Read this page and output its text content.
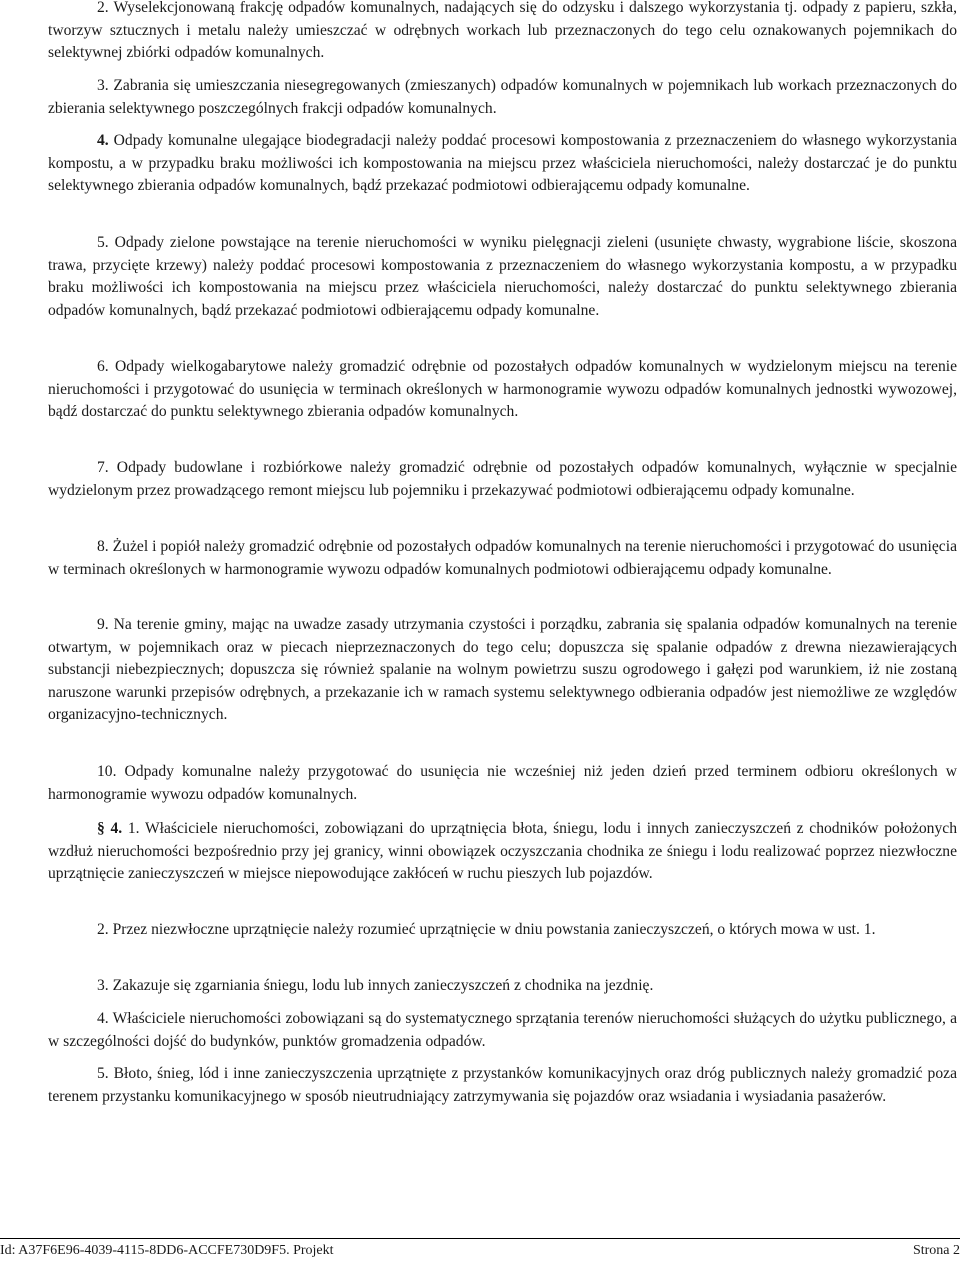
2. Wyselekcjonowaną frakcję odpadów komunalnych, nadających się do odzysku i dalszego wykorzystania tj. odpady z papieru, szkła, tworzyw sztucznych i metalu należy umieszczać w odrębnych workach lub przeznaczonych do tego celu oznakowanych pojemnikach do selektywnej zbiórki odpadów komunalnych.

3. Zabrania się umieszczania niesegregowanych (zmieszanych) odpadów komunalnych w pojemnikach lub workach przeznaczonych do zbierania selektywnego poszczególnych frakcji odpadów komunalnych.

4. Odpady komunalne ulegające biodegradacji należy poddać procesowi kompostowania z przeznaczeniem do własnego wykorzystania kompostu, a w przypadku braku możliwości ich kompostowania na miejscu przez właściciela nieruchomości, należy dostarczać je do punktu selektywnego zbierania odpadów komunalnych, bądź przekazać podmiotowi odbierającemu odpady komunalne.

5. Odpady zielone powstające na terenie nieruchomości w wyniku pielęgnacji zieleni (usunięte chwasty, wygrabione liście, skoszona trawa, przycięte krzewy) należy poddać procesowi kompostowania z przeznaczeniem do własnego wykorzystania kompostu, a w przypadku braku możliwości ich kompostowania na miejscu przez właściciela nieruchomości, należy dostarczać do punktu selektywnego zbierania odpadów komunalnych, bądź przekazać podmiotowi odbierającemu odpady komunalne.

6. Odpady wielkogabarytowe należy gromadzić odrębnie od pozostałych odpadów komunalnych w wydzielonym miejscu na terenie nieruchomości i przygotować do usunięcia w terminach określonych w harmonogramie wywozu odpadów komunalnych jednostki wywozowej, bądź dostarczać do punktu selektywnego zbierania odpadów komunalnych.

7. Odpady budowlane i rozbiórkowe należy gromadzić odrębnie od pozostałych odpadów komunalnych, wyłącznie w specjalnie wydzielonym przez prowadzącego remont miejscu lub pojemniku i przekazywać podmiotowi odbierającemu odpady komunalne.

8. Żużel i popiół należy gromadzić odrębnie od pozostałych odpadów komunalnych na terenie nieruchomości i przygotować do usunięcia w terminach określonych w harmonogramie wywozu odpadów komunalnych podmiotowi odbierającemu odpady komunalne.

9. Na terenie gminy, mając na uwadze zasady utrzymania czystości i porządku, zabrania się spalania odpadów komunalnych na terenie otwartym, w pojemnikach oraz w piecach nieprzeznaczonych do tego celu; dopuszcza się spalanie odpadów z drewna niezawierających substancji niebezpiecznych; dopuszcza się również spalanie na wolnym powietrzu suszu ogrodowego i gałęzi pod warunkiem, iż nie zostaną naruszone warunki przepisów odrębnych, a przekazanie ich w ramach systemu selektywnego odbierania odpadów jest niemożliwe ze względów organizacyjno-technicznych.

10. Odpady komunalne należy przygotować do usunięcia nie wcześniej niż jeden dzień przed terminem odbioru określonych w harmonogramie wywozu odpadów komunalnych.

§ 4. 1. Właściciele nieruchomości, zobowiązani do uprzątnięcia błota, śniegu, lodu i innych zanieczyszczeń z chodników położonych wzdłuż nieruchomości bezpośrednio przy jej granicy, winni obowiązek oczyszczania chodnika ze śniegu i lodu realizować poprzez niezwłoczne uprzątnięcie zanieczyszczeń w miejsce niepowodujące zakłóceń w ruchu pieszych lub pojazdów.

2. Przez niezwłoczne uprzątnięcie należy rozumieć uprzątnięcie w dniu powstania zanieczyszczeń, o których mowa w ust. 1.

3. Zakazuje się zgarniania śniegu, lodu lub innych zanieczyszczeń z chodnika na jezdnię.

4. Właściciele nieruchomości zobowiązani są do systematycznego sprzątania terenów nieruchomości służących do użytku publicznego, a w szczególności dojść do budynków, punktów gromadzenia odpadów.

5. Błoto, śnieg, lód i inne zanieczyszczenia uprzątnięte z przystanków komunikacyjnych oraz dróg publicznych należy gromadzić poza terenem przystanku komunikacyjnego w sposób nieutrudniający zatrzymywania się pojazdów oraz wsiadania i wysiadania pasażerów.

Id: A37F6E96-4039-4115-8DD6-ACCFE730D9F5. Projekt	Strona 2
